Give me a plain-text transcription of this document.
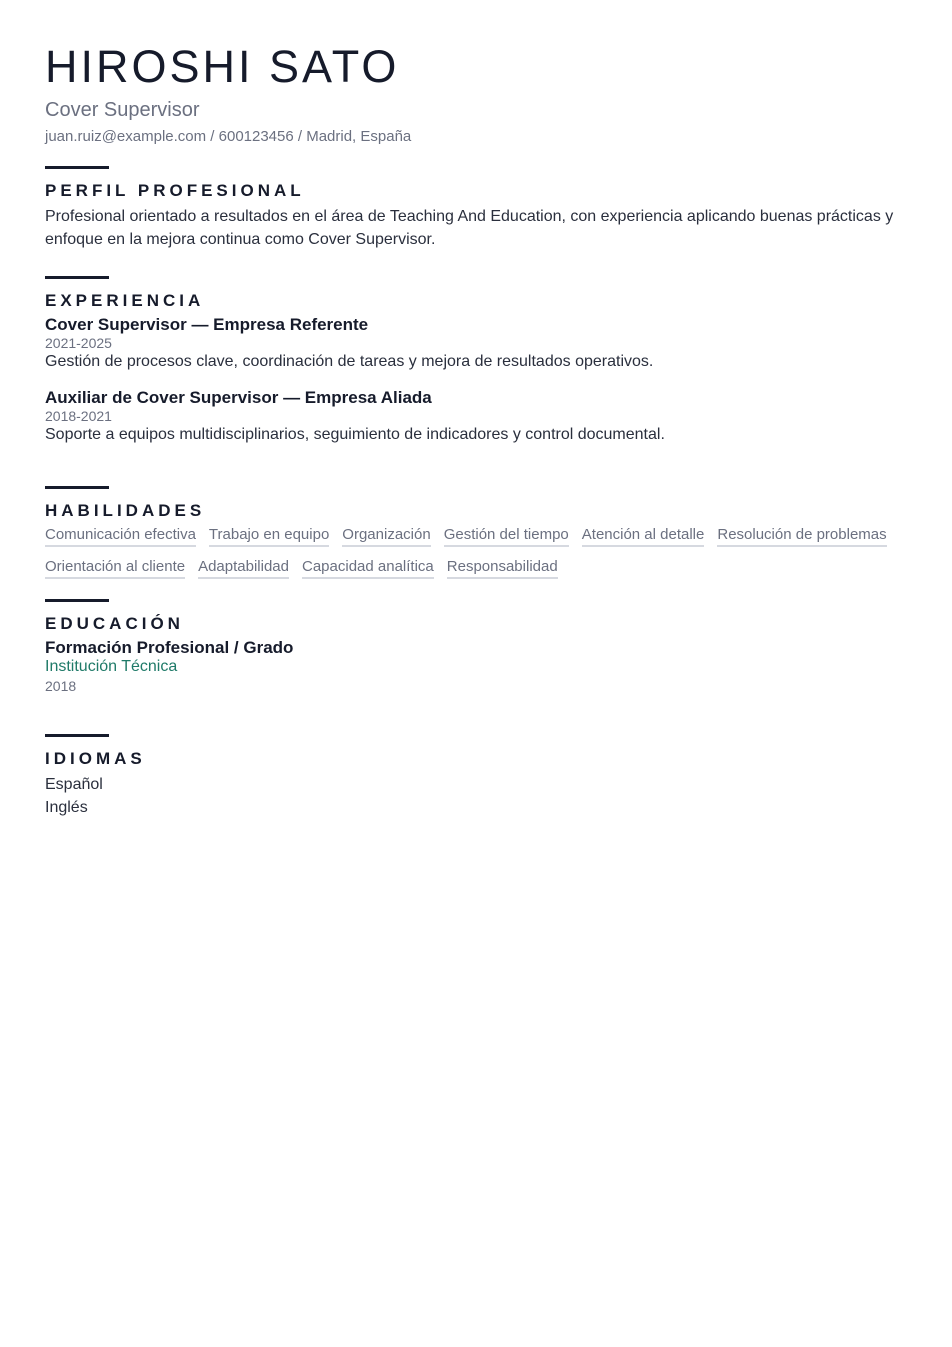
HIROSHI SATO
Cover Supervisor
juan.ruiz@example.com / 600123456 / Madrid, España
PERFIL PROFESIONAL

Profesional orientado a resultados en el área de Teaching And Education, con experiencia aplicando buenas prácticas y enfoque en la mejora continua como Cover Supervisor.

EXPERIENCIA
Cover Supervisor — Empresa Referente
2021-2025
Gestión de procesos clave, coordinación de tareas y mejora de resultados operativos.
Auxiliar de Cover Supervisor — Empresa Aliada
2018-2021
Soporte a equipos multidisciplinarios, seguimiento de indicadores y control documental.
HABILIDADES
Comunicación efectiva Trabajo en equipo Organización Gestión del tiempo Atención al detalle Resolución de problemas
Orientación al cliente Adaptabilidad Capacidad analítica Responsabilidad
EDUCACIÓN
Formación Profesional / Grado
Institución Técnica
2018
IDIOMAS
Español
Inglés
